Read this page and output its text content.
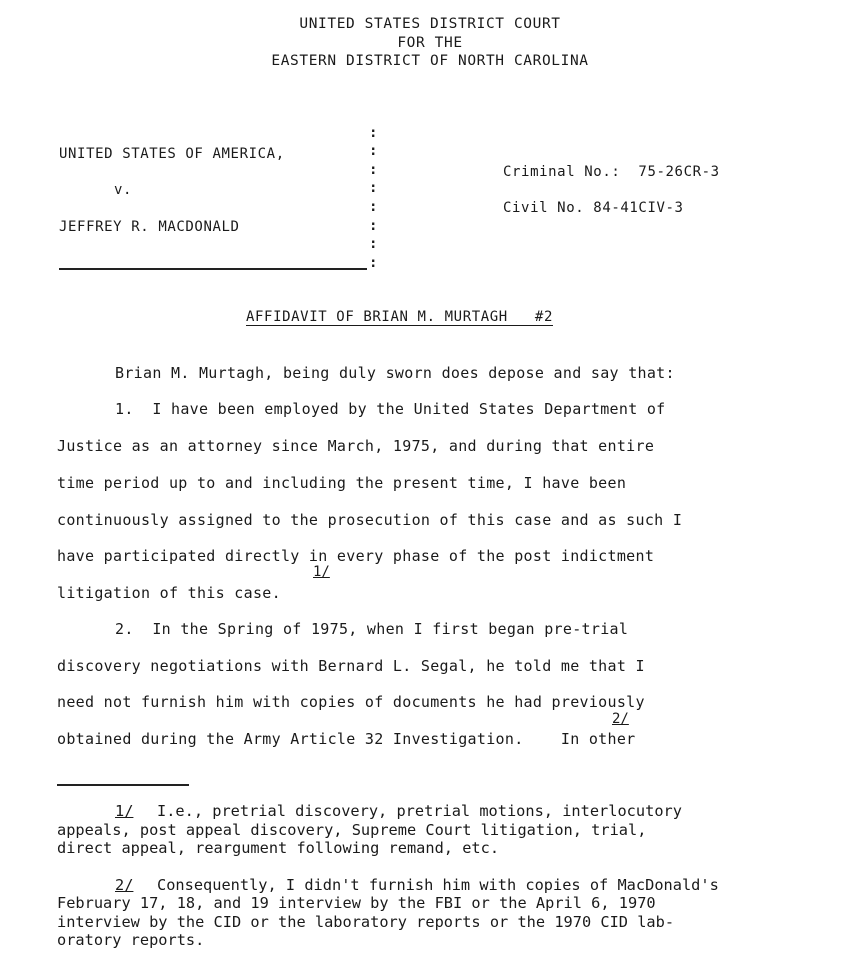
UNITED STATES DISTRICT COURT
FOR THE
EASTERN DISTRICT OF NORTH CAROLINA
UNITED STATES OF AMERICA,
v.
JEFFREY R. MACDONALD
:
:
:
:
:
:
:
:
Criminal No.:  75-26CR-3
Civil No. 84-41CIV-3
AFFIDAVIT OF BRIAN M. MURTAGH   #2
Brian M. Murtagh, being duly sworn does depose and say that:
1.  I have been employed by the United States Department of
Justice as an attorney since March, 1975, and during that entire
time period up to and including the present time, I have been
continuously assigned to the prosecution of this case and as such I
have participated directly in every phase of the post indictment
litigation of this case.
1/
2.  In the Spring of 1975, when I first began pre-trial
discovery negotiations with Bernard L. Segal, he told me that I
need not furnish him with copies of documents he had previously
obtained during the Army Article 32 Investigation.    In other
2/
1/ I.e., pretrial discovery, pretrial motions, interlocutory
appeals, post appeal discovery, Supreme Court litigation, trial,
direct appeal, reargument following remand, etc.
2/ Consequently, I didn't furnish him with copies of MacDonald's
February 17, 18, and 19 interview by the FBI or the April 6, 1970
interview by the CID or the laboratory reports or the 1970 CID lab-
oratory reports.
